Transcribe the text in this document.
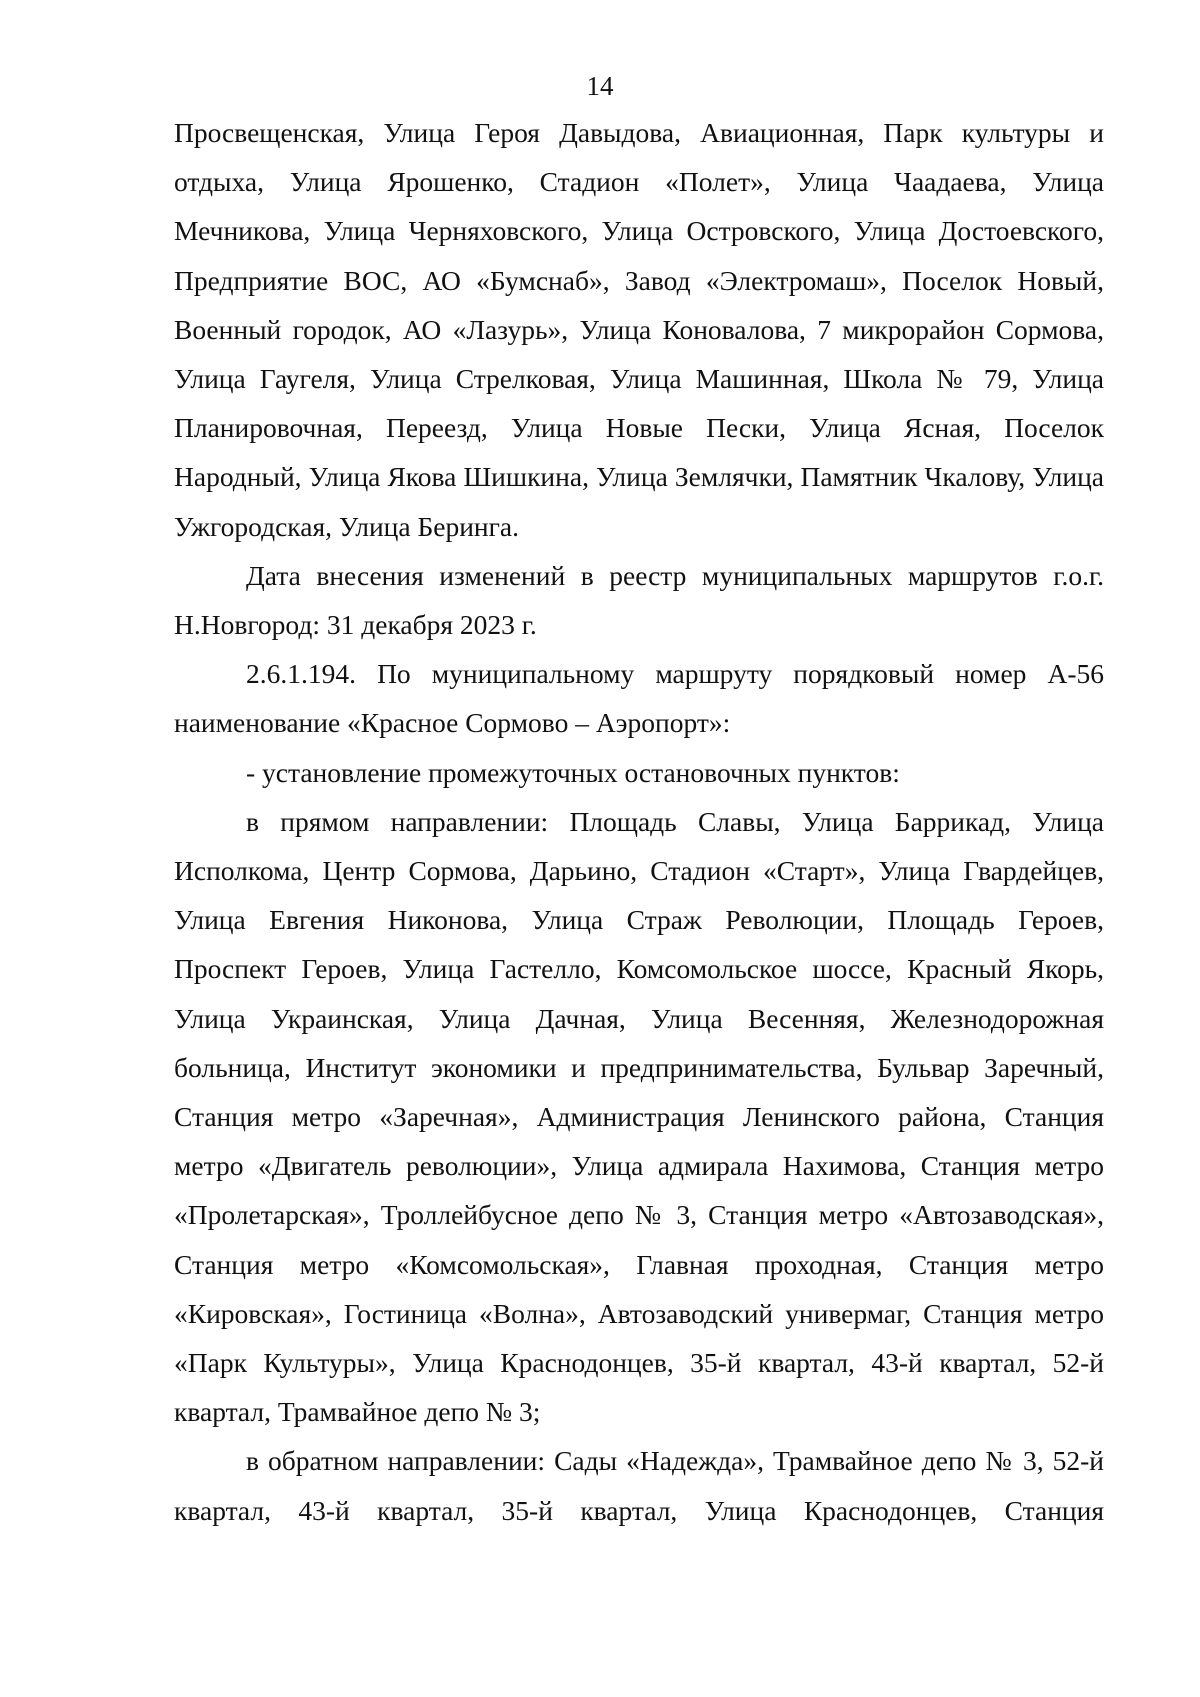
14

Просвещенская, Улица Героя Давыдова, Авиационная, Парк культуры и отдыха, Улица Ярошенко, Стадион «Полет», Улица Чаадаева, Улица Мечникова, Улица Черняховского, Улица Островского, Улица Достоевского, Предприятие ВОС, АО «Бумснаб», Завод «Электромаш», Поселок Новый, Военный городок, АО «Лазурь», Улица Коновалова, 7 микрорайон Сормова, Улица Гаугеля, Улица Стрелковая, Улица Машинная, Школа № 79, Улица Планировочная, Переезд, Улица Новые Пески, Улица Ясная, Поселок Народный, Улица Якова Шишкина, Улица Землячки, Памятник Чкалову, Улица Ужгородская, Улица Беринга.

Дата внесения изменений в реестр муниципальных маршрутов г.о.г. Н.Новгород: 31 декабря 2023 г.

2.6.1.194. По муниципальному маршруту порядковый номер А-56 наименование «Красное Сормово – Аэропорт»:

- установление промежуточных остановочных пунктов:

в прямом направлении: Площадь Славы, Улица Баррикад, Улица Исполкома, Центр Сормова, Дарьино, Стадион «Старт», Улица Гвардейцев, Улица Евгения Никонова, Улица Страж Революции, Площадь Героев, Проспект Героев, Улица Гастелло, Комсомольское шоссе, Красный Якорь, Улица Украинская, Улица Дачная, Улица Весенняя, Железнодорожная больница, Институт экономики и предпринимательства, Бульвар Заречный, Станция метро «Заречная», Администрация Ленинского района, Станция метро «Двигатель революции», Улица адмирала Нахимова, Станция метро «Пролетарская», Троллейбусное депо № 3, Станция метро «Автозаводская», Станция метро «Комсомольская», Главная проходная, Станция метро «Кировская», Гостиница «Волна», Автозаводский универмаг, Станция метро «Парк Культуры», Улица Краснодонцев, 35-й квартал, 43-й квартал, 52-й квартал, Трамвайное депо № 3;

в обратном направлении: Сады «Надежда», Трамвайное депо № 3, 52-й квартал, 43-й квартал, 35-й квартал, Улица Краснодонцев, Станция
